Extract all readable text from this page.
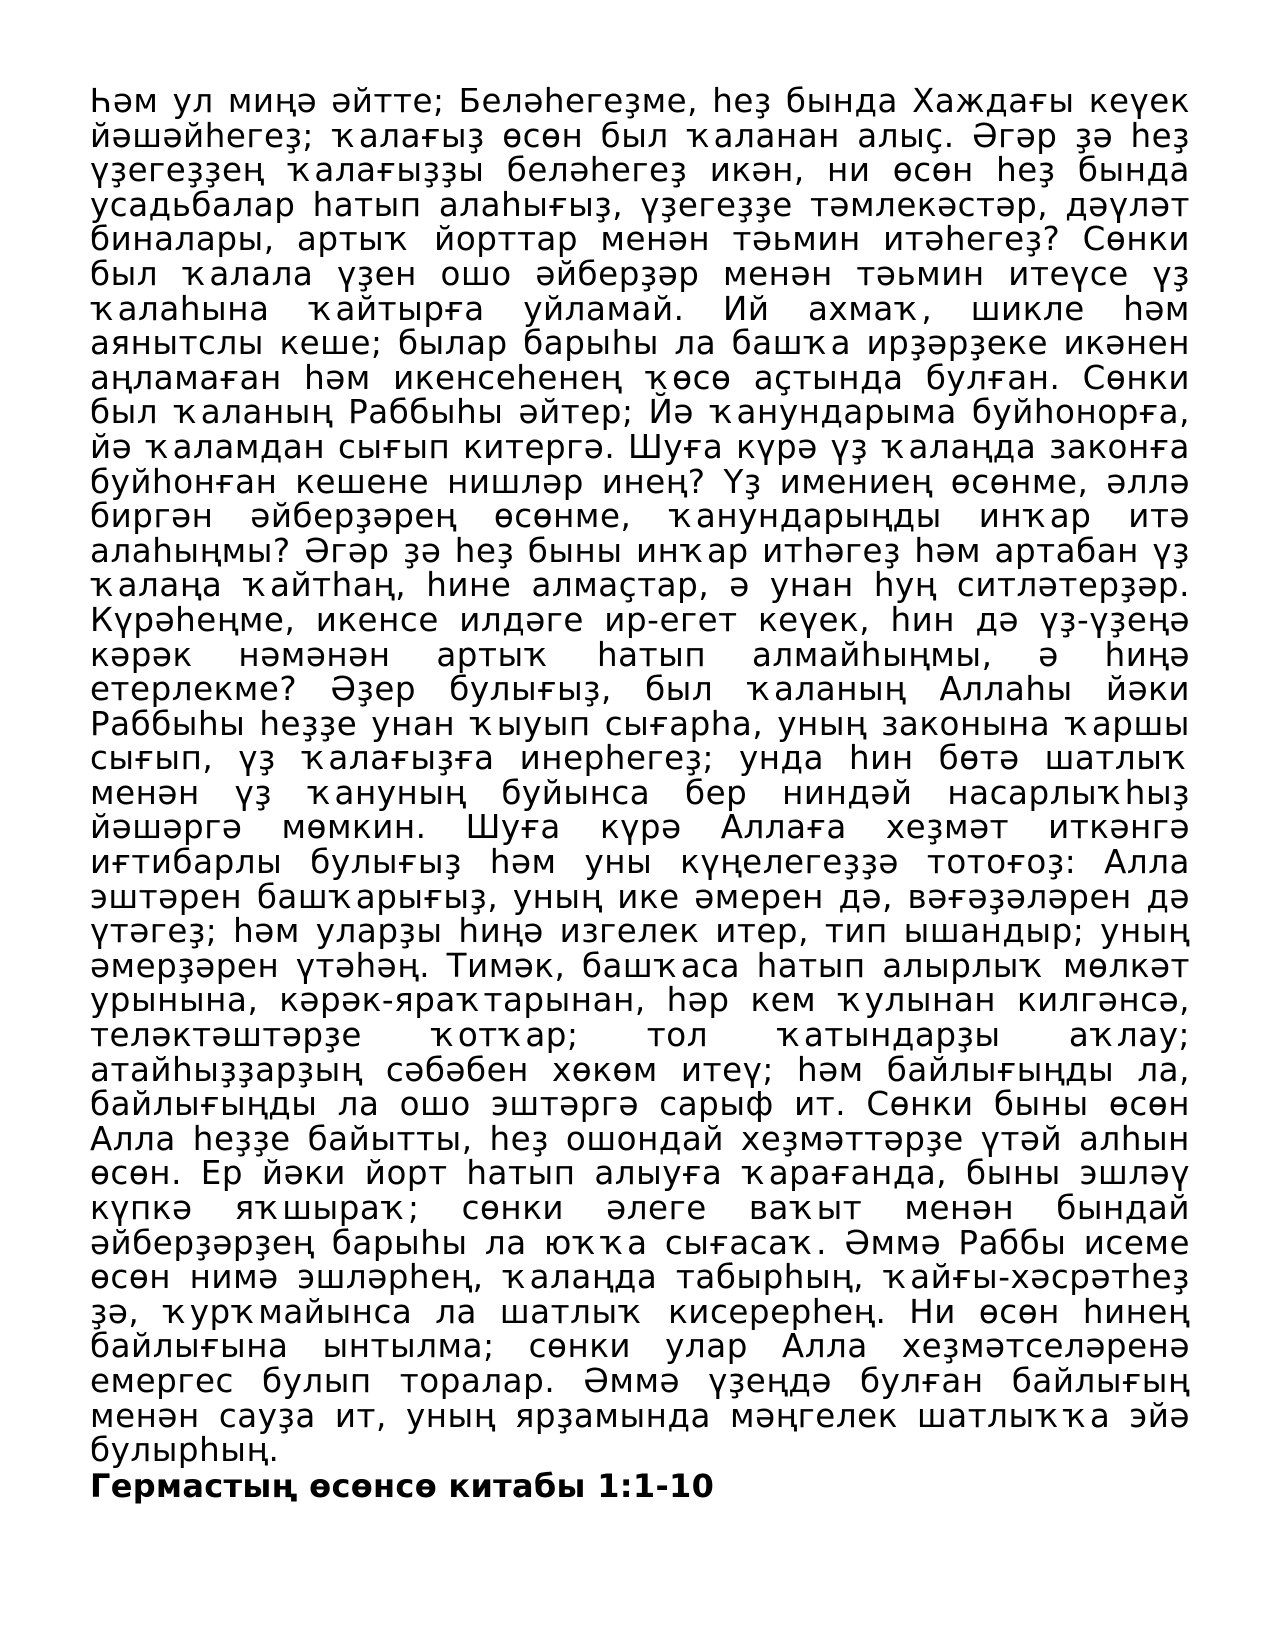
Һәм ул миңә әйтте; Беләһегеҙме, һеҙ бында Хаждағы кеүек йәшәйһегеҙ; ҡалағыҙ өсөн был ҡаланан алыҫ. Әгәр ҙә һеҙ үҙегеҙҙең ҡалағыҙҙы беләһегеҙ икән, ни өсөн һеҙ бында усадьбалар һатып алаһығыҙ, үҙегеҙҙе тәмлекәстәр, дәүләт биналары, артыҡ йорттар менән тәьмин итәһегеҙ? Сөнки был ҡалала үҙен ошо әйберҙәр менән тәьмин итеүсе үҙ ҡалаһына ҡайтырға уйламай. Ий ахмаҡ, шикле һәм аянытслы кеше; былар барыһы ла башҡа ирҙәрҙеке икәнен аңламаған һәм икенсеһенең ҡөсө аҫтында булған. Сөнки был ҡаланың Раббыһы әйтер; Йә ҡанундарыма буйһонорға, йә ҡаламдан сығып китергә. Шуға күрә үҙ ҡалаңда законға буйһонған кешене нишләр инең? Үҙ имениең өсөнме, әллә биргән әйберҙәрең өсөнме, ҡанундарыңды инҡар итә алаһыңмы? Әгәр ҙә һеҙ быны инҡар итһәгеҙ һәм артабан үҙ ҡалаңа ҡайтһаң, һине алмаҫтар, ә унан һуң ситләтерҙәр. Күрәһеңме, икенсе илдәге ир-егет кеүек, һин дә үҙ-үҙеңә кәрәк нәмәнән артыҡ һатып алмайһыңмы, ә һиңә етерлекме? Әҙер булығыҙ, был ҡаланың Аллаһы йәки Раббыһы һеҙҙе унан ҡыуып сығарһа, уның законына ҡаршы сығып, үҙ ҡалағыҙға инерһегеҙ; унда һин бөтә шатлыҡ менән үҙ ҡануның буйынса бер ниндәй насарлыҡһыҙ йәшәргә мөмкин. Шуға күрә Аллаға хеҙмәт иткәнгә иғтибарлы булығыҙ һәм уны күңелегеҙҙә тотоғоҙ: Алла эштәрен башҡарығыҙ, уның ике әмерен дә, вәғәҙәләрен дә үтәгеҙ; һәм уларҙы һиңә изгелек итер, тип ышандыр; уның әмерҙәрен үтәһәң. Тимәк, башҡаса һатып алырлыҡ мөлкәт урынына, кәрәк-яраҡтарынан, һәр кем ҡулынан килгәнсә, теләктәштәрҙе ҡотҡар; тол ҡатындарҙы аҡлау; атайһыҙҙарҙың сәбәбен хөкөм итеү; һәм байлығыңды ла, байлығыңды ла ошо эштәргә сарыф ит. Сөнки быны өсөн Алла һеҙҙе байытты, һеҙ ошондай хеҙмәттәрҙе үтәй алһын өсөн. Ер йәки йорт һатып алыуға ҡарағанда, быны эшләү күпкә яҡшыраҡ; сөнки әлеге ваҡыт менән бындай әйберҙәрҙең барыһы ла юҡҡа сығасаҡ. Әммә Раббы исеме өсөн нимә эшләрһең, ҡалаңда табырһың, ҡайғы-хәсрәтһеҙ ҙә, ҡурҡмайынса ла шатлыҡ кисерерһең. Ни өсөн һинең байлығына ынтылма; сөнки улар Алла хеҙмәтселәренә емергес булып торалар. Әммә үҙеңдә булған байлығың менән сауҙа ит, уның ярҙамында мәңгелек шатлыҡҡа эйә булырһың.

Гермастың өсөнсө китабы 1:1-10
